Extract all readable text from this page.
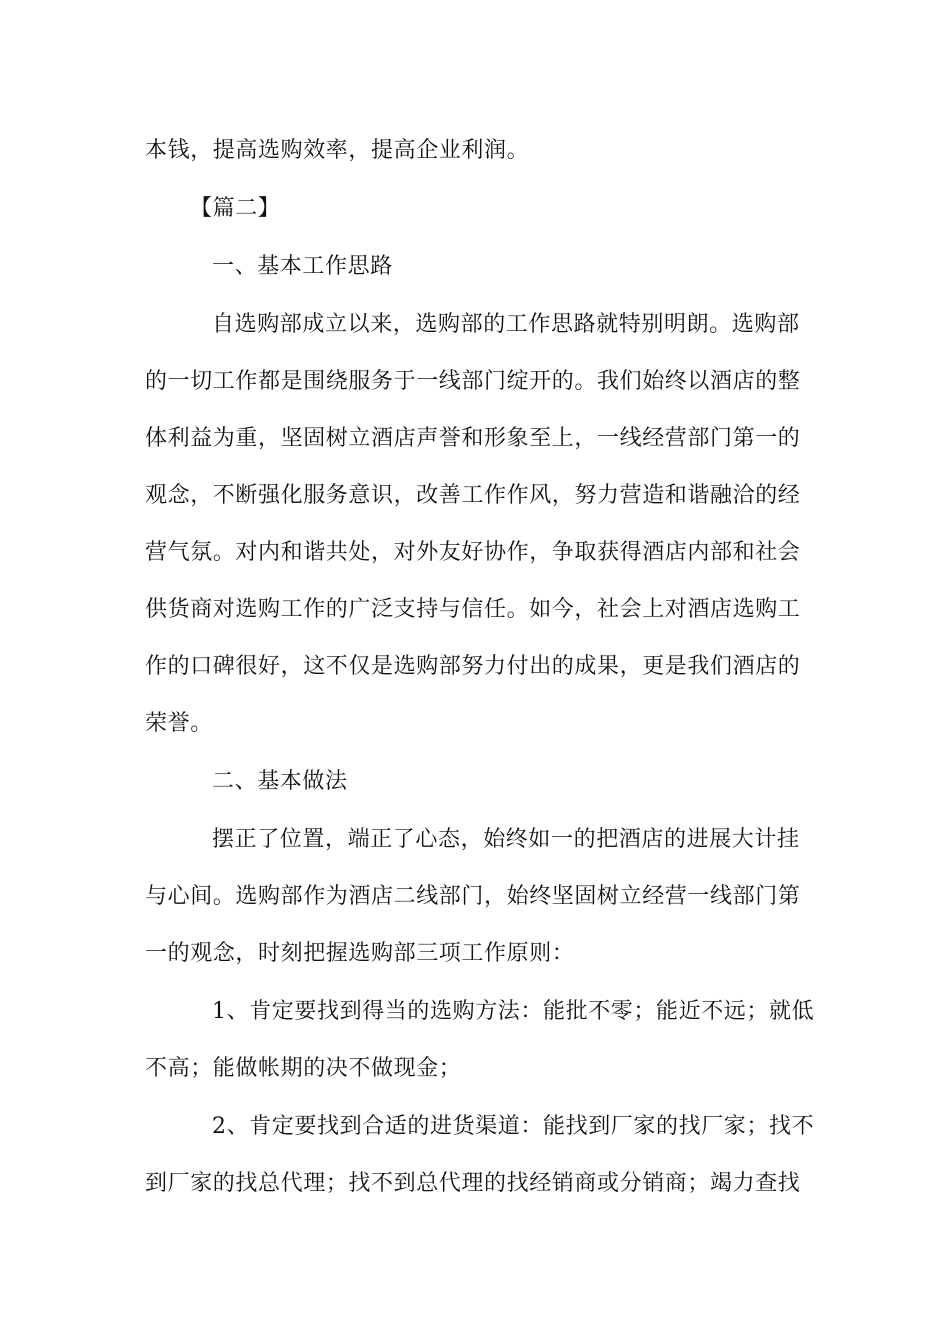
本钱，提高选购效率，提高企业利润。
【篇二】
一、基本工作思路
自选购部成立以来，选购部的工作思路就特别明朗。选购部
的一切工作都是围绕服务于一线部门绽开的。我们始终以酒店的整
体利益为重，坚固树立酒店声誉和形象至上，一线经营部门第一的
观念，不断强化服务意识，改善工作作风，努力营造和谐融洽的经
营气氛。对内和谐共处，对外友好协作，争取获得酒店内部和社会
供货商对选购工作的广泛支持与信任。如今，社会上对酒店选购工
作的口碑很好，这不仅是选购部努力付出的成果，更是我们酒店的
荣誉。
二、基本做法
摆正了位置，端正了心态，始终如一的把酒店的进展大计挂
与心间。选购部作为酒店二线部门，始终坚固树立经营一线部门第
一的观念，时刻把握选购部三项工作原则：
1、肯定要找到得当的选购方法：能批不零；能近不远；就低
不高；能做帐期的决不做现金；
2、肯定要找到合适的进货渠道：能找到厂家的找厂家；找不
到厂家的找总代理；找不到总代理的找经销商或分销商；竭力查找
